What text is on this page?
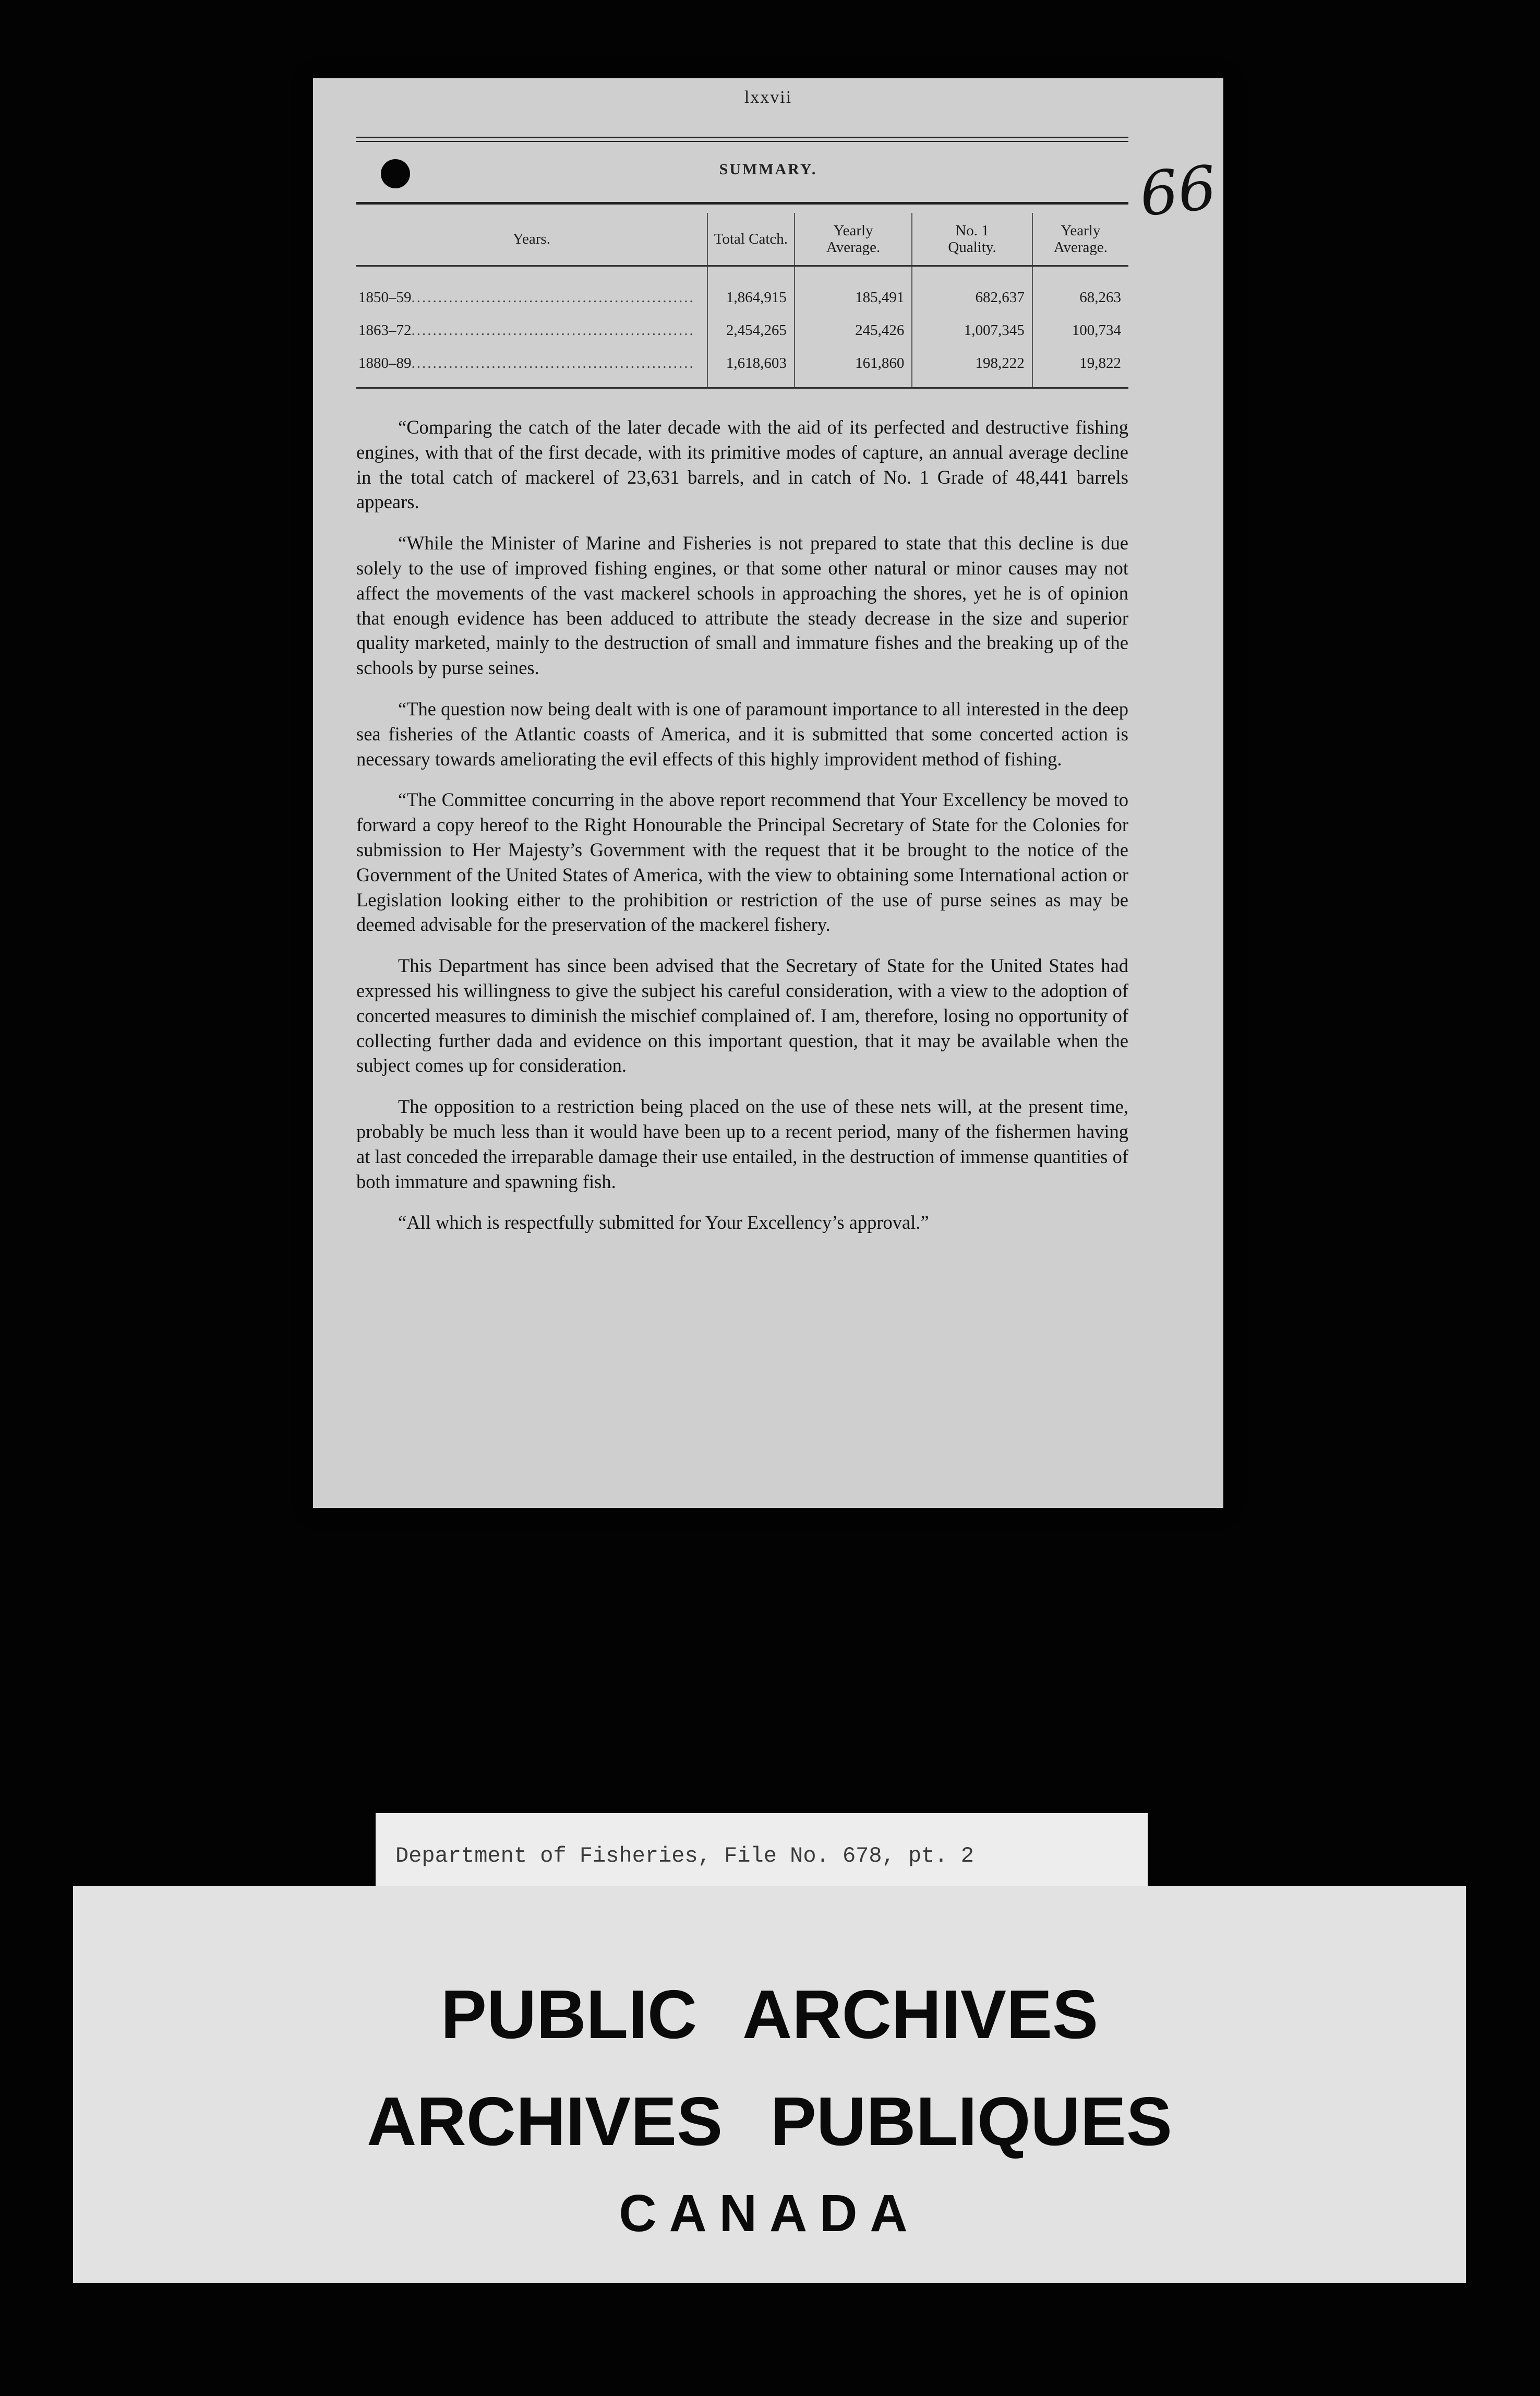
lxxvii
SUMMARY.	66
Years.	Total Catch.	Yearly Average.	No. 1 Quality.	Yearly Average.
1850–59.....................................................	1,864,915	185,491	682,637	68,263
1863–72.....................................................	2,454,265	245,426	1,007,345	100,734
1880–89.....................................................	1,618,603	161,860	198,222	19,822

“Comparing the catch of the later decade with the aid of its perfected and destructive fishing engines, with that of the first decade, with its primitive modes of capture, an annual average decline in the total catch of mackerel of 23,631 barrels, and in catch of No. 1 Grade of 48,441 barrels appears.

“While the Minister of Marine and Fisheries is not prepared to state that this decline is due solely to the use of improved fishing engines, or that some other natural or minor causes may not affect the movements of the vast mackerel schools in approaching the shores, yet he is of opinion that enough evidence has been adduced to attribute the steady decrease in the size and superior quality marketed, mainly to the destruction of small and immature fishes and the breaking up of the schools by purse seines.

“The question now being dealt with is one of paramount importance to all interested in the deep sea fisheries of the Atlantic coasts of America, and it is submitted that some concerted action is necessary towards ameliorating the evil effects of this highly improvident method of fishing.

“The Committee concurring in the above report recommend that Your Excellency be moved to forward a copy hereof to the Right Honourable the Principal Secretary of State for the Colonies for submission to Her Majesty’s Government with the request that it be brought to the notice of the Government of the United States of America, with the view to obtaining some International action or Legislation looking either to the prohibition or restriction of the use of purse seines as may be deemed advisable for the preservation of the mackerel fishery.

This Department has since been advised that the Secretary of State for the United States had expressed his willingness to give the subject his careful consideration, with a view to the adoption of concerted measures to diminish the mischief complained of. I am, therefore, losing no opportunity of collecting further dada and evidence on this important question, that it may be available when the subject comes up for consideration.

The opposition to a restriction being placed on the use of these nets will, at the present time, probably be much less than it would have been up to a recent period, many of the fishermen having at last conceded the irreparable damage their use entailed, in the destruction of immense quantities of both immature and spawning fish.

“All which is respectfully submitted for Your Excellency’s approval.”

Department of Fisheries, File No. 678, pt. 2
PUBLIC ARCHIVES
ARCHIVES PUBLIQUES
CANADA
